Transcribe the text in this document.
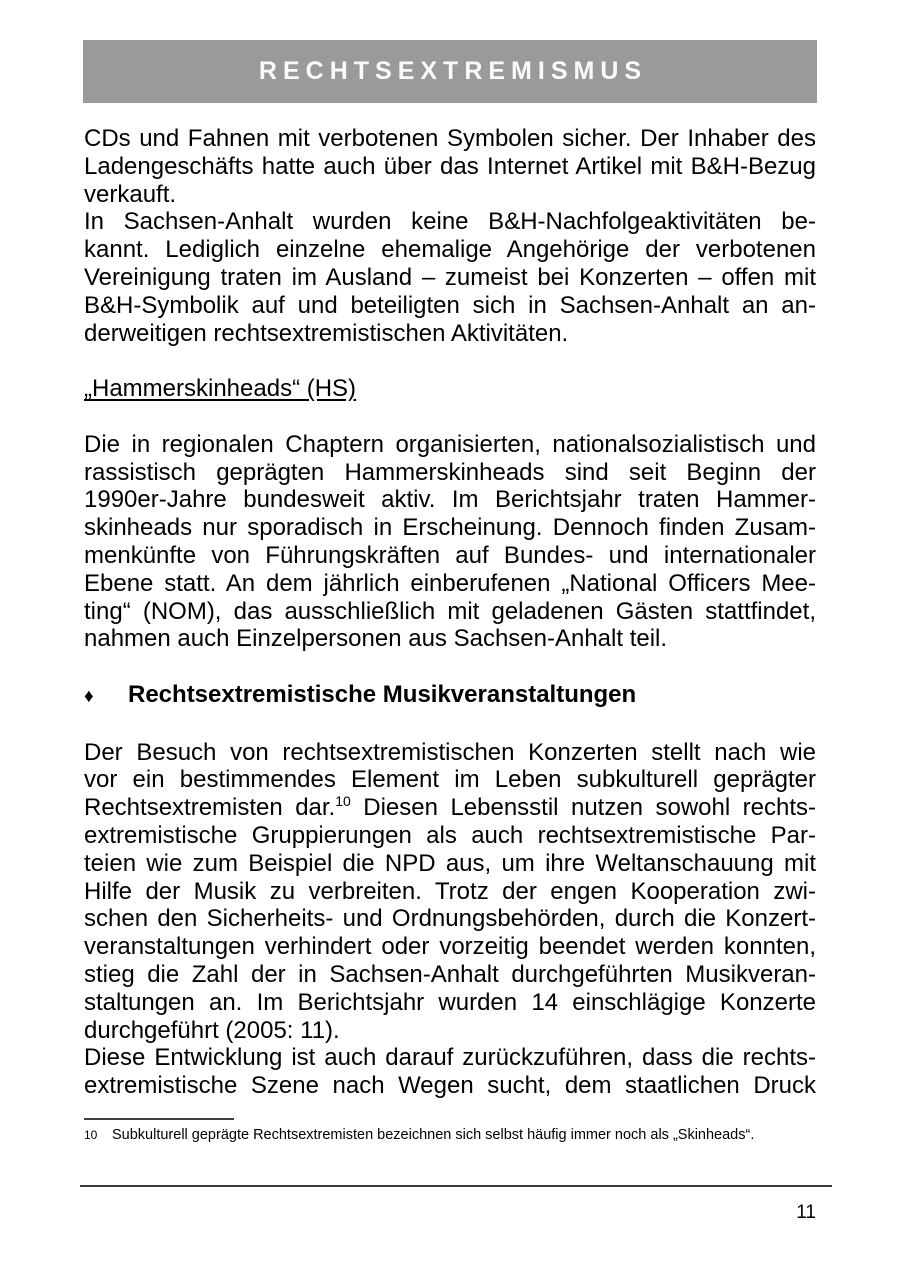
RECHTSEXTREMISMUS
CDs und Fahnen mit verbotenen Symbolen sicher. Der Inhaber des
Ladengeschäfts hatte auch über das Internet Artikel mit B&H-Bezug
verkauft.
In Sachsen-Anhalt wurden keine B&H-Nachfolgeaktivitäten be-
kannt. Lediglich einzelne ehemalige Angehörige der verbotenen
Vereinigung traten im Ausland – zumeist bei Konzerten – offen mit
B&H-Symbolik auf und beteiligten sich in Sachsen-Anhalt an an-
derweitigen rechtsextremistischen Aktivitäten.
„Hammerskinheads“ (HS)
Die in regionalen Chaptern organisierten, nationalsozialistisch und
rassistisch geprägten Hammerskinheads sind seit Beginn der
1990er-Jahre bundesweit aktiv. Im Berichtsjahr traten Hammer-
skinheads nur sporadisch in Erscheinung. Dennoch finden Zusam-
menkünfte von Führungskräften auf Bundes- und internationaler
Ebene statt. An dem jährlich einberufenen „National Officers Mee-
ting“ (NOM), das ausschließlich mit geladenen Gästen stattfindet,
nahmen auch Einzelpersonen aus Sachsen-Anhalt teil.
♦	Rechtsextremistische Musikveranstaltungen
Der Besuch von rechtsextremistischen Konzerten stellt nach wie
vor ein bestimmendes Element im Leben subkulturell geprägter
Rechtsextremisten dar.$^{10}$ Diesen Lebensstil nutzen sowohl rechts-
extremistische Gruppierungen als auch rechtsextremistische Par-
teien wie zum Beispiel die NPD aus, um ihre Weltanschauung mit
Hilfe der Musik zu verbreiten. Trotz der engen Kooperation zwi-
schen den Sicherheits- und Ordnungsbehörden, durch die Konzert-
veranstaltungen verhindert oder vorzeitig beendet werden konnten,
stieg die Zahl der in Sachsen-Anhalt durchgeführten Musikveran-
staltungen an. Im Berichtsjahr wurden 14 einschlägige Konzerte
durchgeführt (2005: 11).
Diese Entwicklung ist auch darauf zurückzuführen, dass die rechts-
extremistische Szene nach Wegen sucht, dem staatlichen Druck
10 Subkulturell geprägte Rechtsextremisten bezeichnen sich selbst häufig immer noch als „Skinheads“.
11
